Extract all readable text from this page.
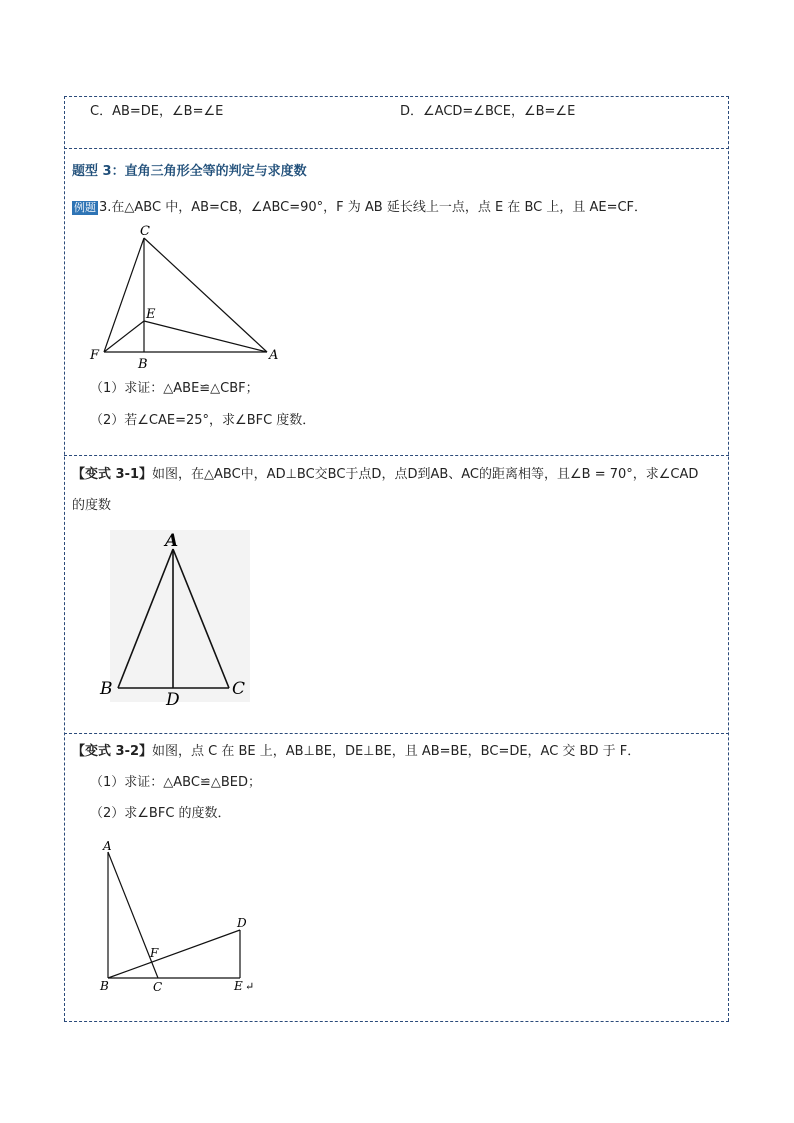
C．AB=DE，∠B=∠E	D．∠ACD=∠BCE，∠B=∠E
题型 3：直角三角形全等的判定与求度数
例题 3.在△ABC 中，AB=CB，∠ABC=90°，F 为 AB 延长线上一点，点 E 在 BC 上，且 AE=CF．
C
E
F
B
A
（1）求证：△ABE≌△CBF；
（2）若∠CAE=25°，求∠BFC 度数．
【变式 3-1】如图，在△ABC中，AD⊥BC交BC于点D，点D到AB、AC的距离相等，且∠B = 70°，求∠CAD
的度数
A
B	C
D
【变式 3-2】如图，点 C 在 BE 上，AB⊥BE，DE⊥BE，且 AB=BE，BC=DE，AC 交 BD 于 F．
（1）求证：△ABC≌△BED；
（2）求∠BFC 的度数．
A
D
F
B	C	E ↵
